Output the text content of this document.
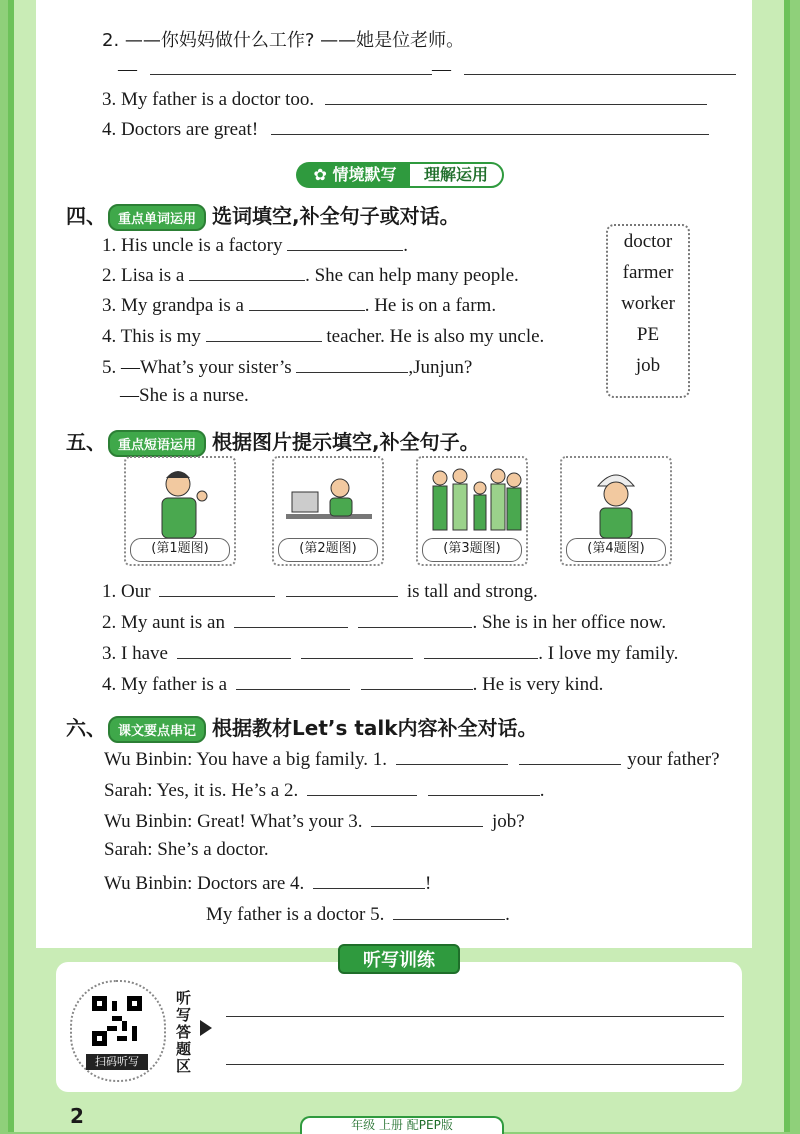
2. ——你妈妈做什么工作? ——她是位老师。
—	—
3. My father is a doctor too.
4. Doctors are great!
✿ 情境默写	理解运用
四、 重点单词运用 选词填空,补全句子或对话。
1. His uncle is a factory	.
2. Lisa is a	. She can help many people.
3. My grandpa is a	. He is on a farm.
4. This is my	teacher. He is also my uncle.
5. —What’s your sister’s	,Junjun?
—She is a nurse.
doctor
farmer
worker
PE
job
五、 重点短语运用 根据图片提示填空,补全句子。
(第1题图)	(第2题图)	(第3题图)	(第4题图)
1. Our	is tall and strong.
2. My aunt is an	. She is in her office now.
3. I have	. I love my family.
4. My father is a	. He is very kind.
六、 课文要点串记 根据教材Let’s talk内容补全对话。
Wu Binbin: You have a big family. 1.	your father?
Sarah: Yes, it is. He’s a 2.	.
Wu Binbin: Great! What’s your 3.	job?
Sarah: She’s a doctor.
Wu Binbin: Doctors are 4.	!
My father is a doctor 5.	.
听写训练
扫码听写
听写答题区
2	年级 上册 配PEP版
